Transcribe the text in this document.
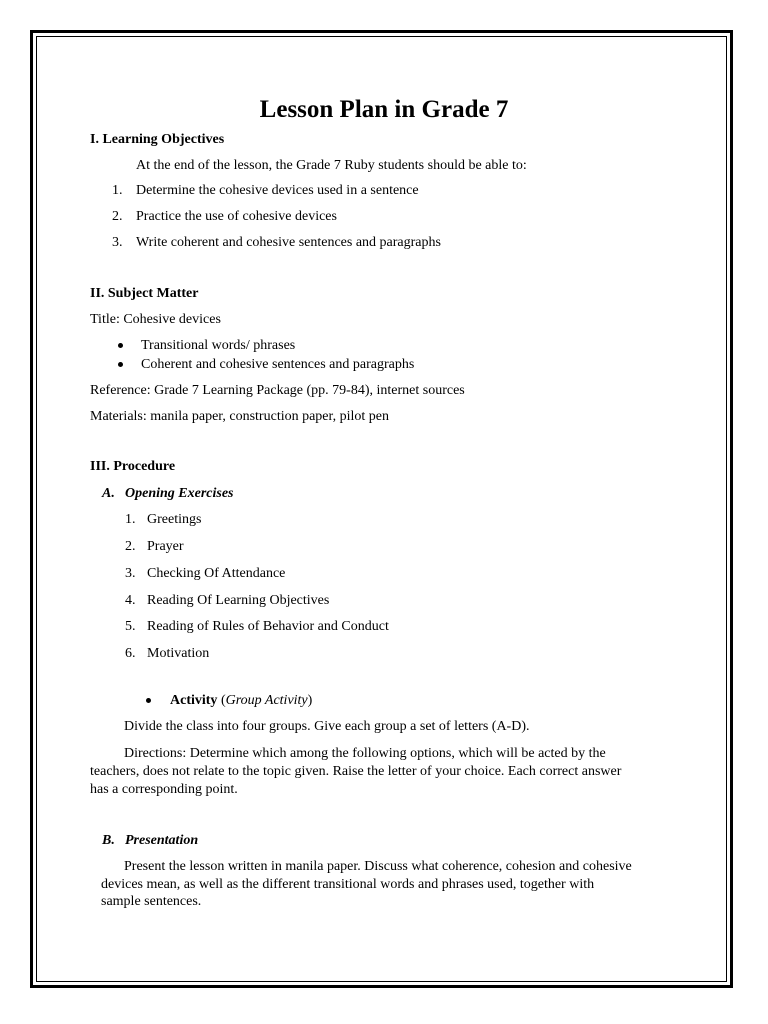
Lesson Plan in Grade 7
I. Learning Objectives
At the end of the lesson, the Grade 7 Ruby students should be able to:
1. Determine the cohesive devices used in a sentence
2. Practice the use of cohesive devices
3. Write coherent and cohesive sentences and paragraphs
II. Subject Matter
Title: Cohesive devices
Transitional words/ phrases
Coherent and cohesive sentences and paragraphs
Reference: Grade 7 Learning Package (pp. 79-84), internet sources
Materials: manila paper, construction paper, pilot pen
III. Procedure
A. Opening Exercises
1. Greetings
2. Prayer
3. Checking Of Attendance
4. Reading Of Learning Objectives
5. Reading of Rules of Behavior and Conduct
6. Motivation
Activity (Group Activity)
Divide the class into four groups. Give each group a set of letters (A-D).
Directions: Determine which among the following options, which will be acted by the
teachers, does not relate to the topic given. Raise the letter of your choice. Each correct answer
has a corresponding point.
B. Presentation
Present the lesson written in manila paper. Discuss what coherence, cohesion and cohesive
devices mean, as well as the different transitional words and phrases used, together with
sample sentences.
